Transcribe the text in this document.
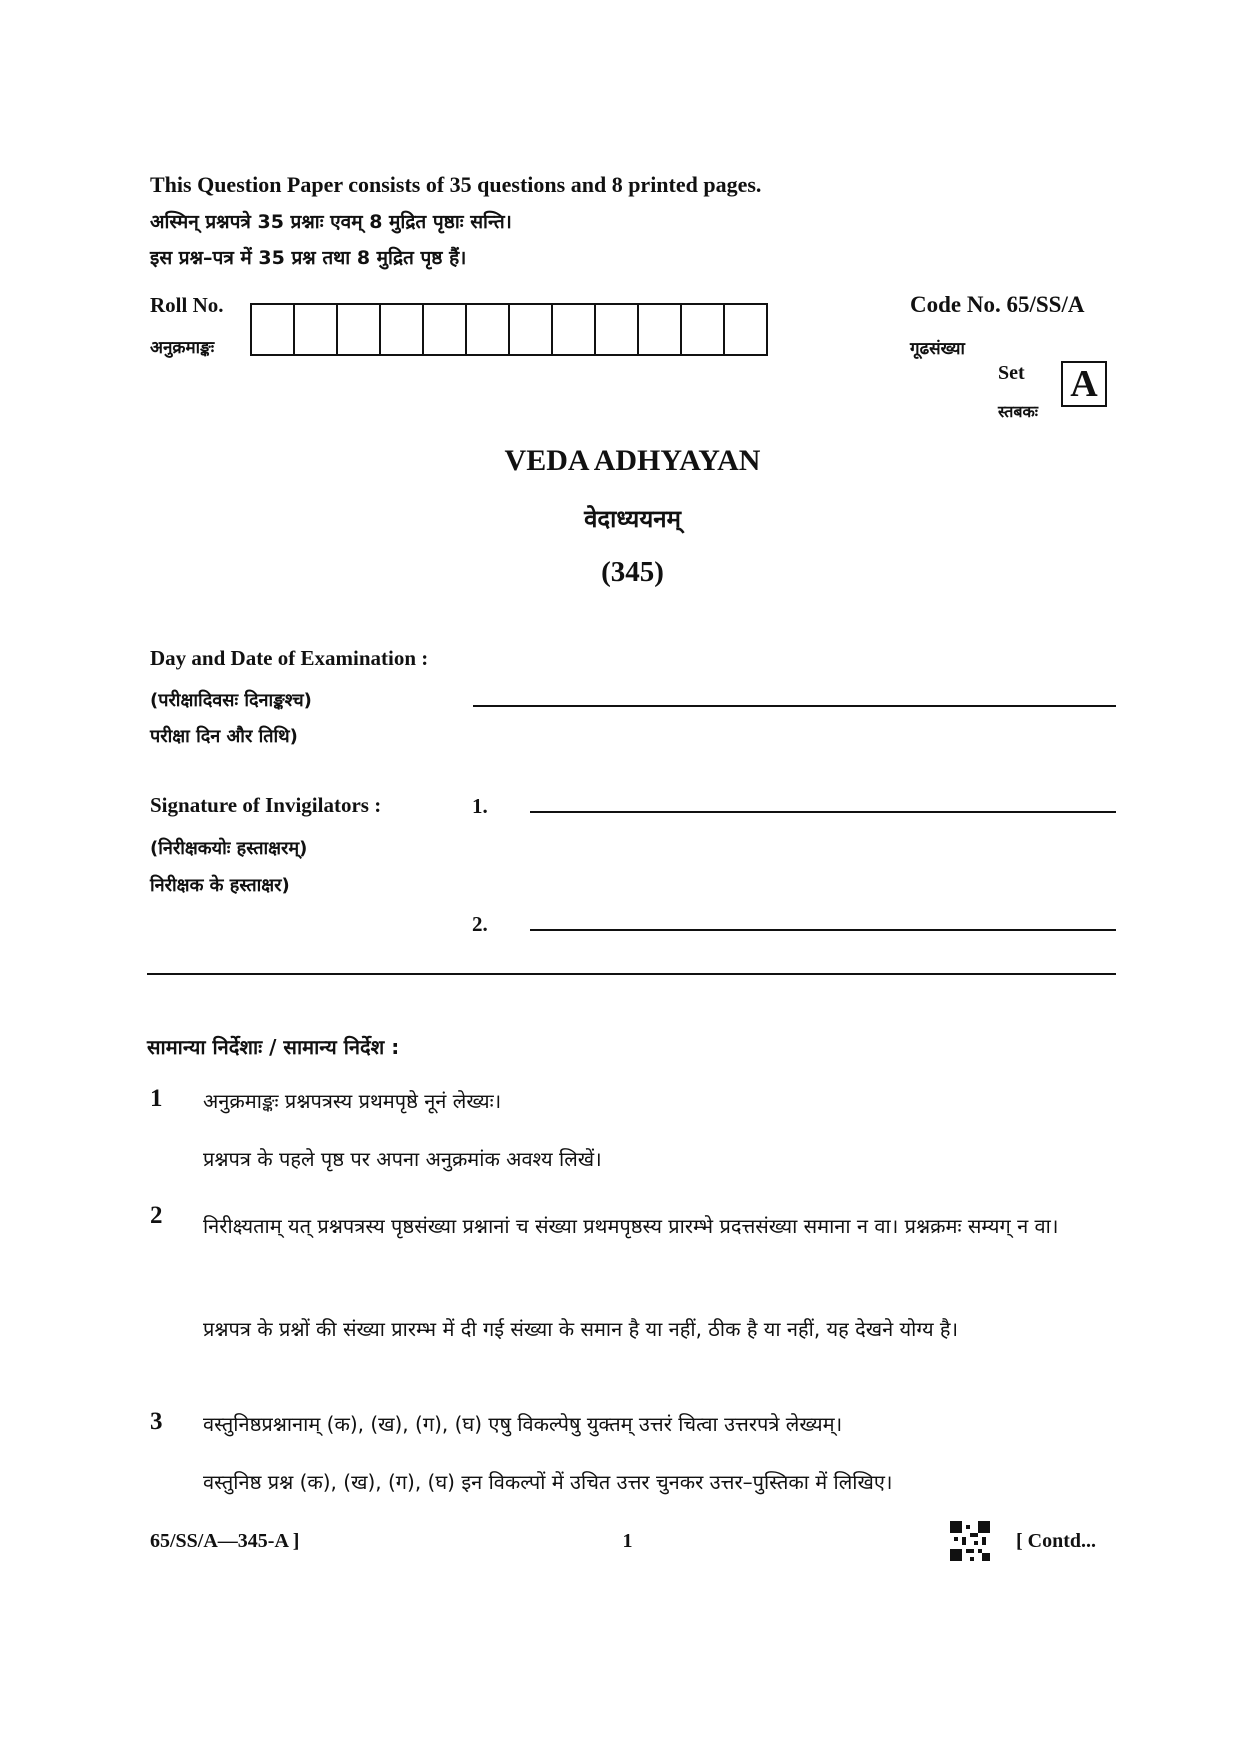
This Question Paper consists of 35 questions and 8 printed pages.
अस्मिन् प्रश्नपत्रे 35 प्रश्नाः एवम् 8 मुद्रित पृष्ठाः सन्ति।
इस प्रश्न–पत्र में 35 प्रश्न तथा 8 मुद्रित पृष्ठ हैं।
Roll No.
अनुक्रमाङ्कः
Code No. 65/SS/A
गूढसंख्या
Set
स्तबकः
A
VEDA ADHYAYAN
वेदाध्ययनम्
(345)
Day and Date of Examination :
(परीक्षादिवसः दिनाङ्कश्च)
परीक्षा दिन और तिथि)
Signature of Invigilators :
(निरीक्षकयोः हस्ताक्षरम्)
निरीक्षक के हस्ताक्षर)
1.
2.
सामान्या निर्देशाः / सामान्य निर्देश :
1 अनुक्रमाङ्कः प्रश्नपत्रस्य प्रथमपृष्ठे नूनं लेख्यः।
प्रश्नपत्र के पहले पृष्ठ पर अपना अनुक्रमांक अवश्य लिखें।
2 निरीक्ष्यताम् यत् प्रश्नपत्रस्य पृष्ठसंख्या प्रश्नानां च संख्या प्रथमपृष्ठस्य प्रारम्भे प्रदत्तसंख्या समाना न वा। प्रश्नक्रमः सम्यग् न वा।
प्रश्नपत्र के प्रश्नों की संख्या प्रारम्भ में दी गई संख्या के समान है या नहीं, ठीक है या नहीं, यह देखने योग्य है।
3 वस्तुनिष्ठप्रश्नानाम् (क), (ख), (ग), (घ) एषु विकल्पेषु युक्तम् उत्तरं चित्वा उत्तरपत्रे लेख्यम्।
वस्तुनिष्ठ प्रश्न (क), (ख), (ग), (घ) इन विकल्पों में उचित उत्तर चुनकर उत्तर–पुस्तिका में लिखिए।
65/SS/A—345-A ]	1	[ Contd...
